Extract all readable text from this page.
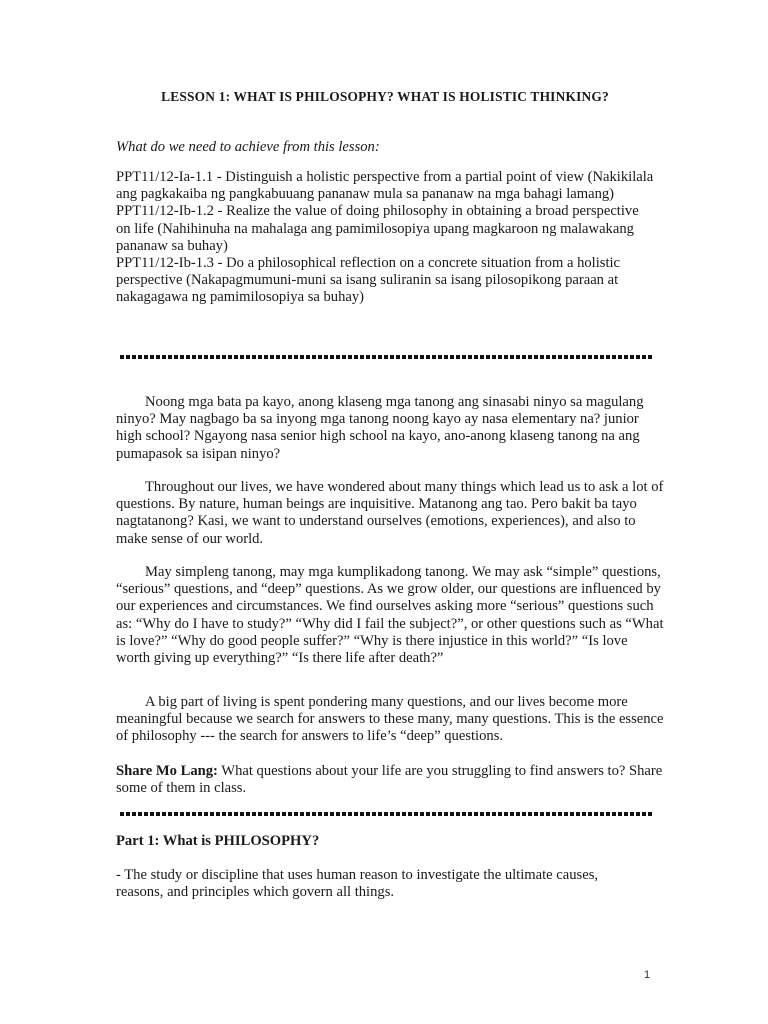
LESSON 1: WHAT IS PHILOSOPHY? WHAT IS HOLISTIC THINKING?
What do we need to achieve from this lesson:
PPT11/12-Ia-1.1 - Distinguish a holistic perspective from a partial point of view (Nakikilala ang pagkakaiba ng pangkabuuang pananaw mula sa pananaw na mga bahagi lamang)
PPT11/12-Ib-1.2 - Realize the value of doing philosophy in obtaining a broad perspective on life (Nahihinuha na mahalaga ang pamimilosopiya upang magkaroon ng malawakang pananaw sa buhay)
PPT11/12-Ib-1.3 - Do a philosophical reflection on a concrete situation from a holistic perspective (Nakapagmumuni-muni sa isang suliranin sa isang pilosopikong paraan at nakagagawa ng pamimilosopiya sa buhay)

Noong mga bata pa kayo, anong klaseng mga tanong ang sinasabi ninyo sa magulang ninyo? May nagbago ba sa inyong mga tanong noong kayo ay nasa elementary na? junior high school? Ngayong nasa senior high school na kayo, ano-anong klaseng tanong na ang pumapasok sa isipan ninyo?

Throughout our lives, we have wondered about many things which lead us to ask a lot of questions. By nature, human beings are inquisitive. Matanong ang tao. Pero bakit ba tayo nagtatanong? Kasi, we want to understand ourselves (emotions, experiences), and also to make sense of our world.

May simpleng tanong, may mga kumplikadong tanong. We may ask “simple” questions, “serious” questions, and “deep” questions. As we grow older, our questions are influenced by our experiences and circumstances. We find ourselves asking more “serious” questions such as: “Why do I have to study?” “Why did I fail the subject?”, or other questions such as “What is love?” “Why do good people suffer?” “Why is there injustice in this world?” “Is love worth giving up everything?” “Is there life after death?”

A big part of living is spent pondering many questions, and our lives become more meaningful because we search for answers to these many, many questions. This is the essence of philosophy --- the search for answers to life’s “deep” questions.

Share Mo Lang: What questions about your life are you struggling to find answers to? Share some of them in class.

Part 1: What is PHILOSOPHY?

- The study or discipline that uses human reason to investigate the ultimate causes, reasons, and principles which govern all things.

1
